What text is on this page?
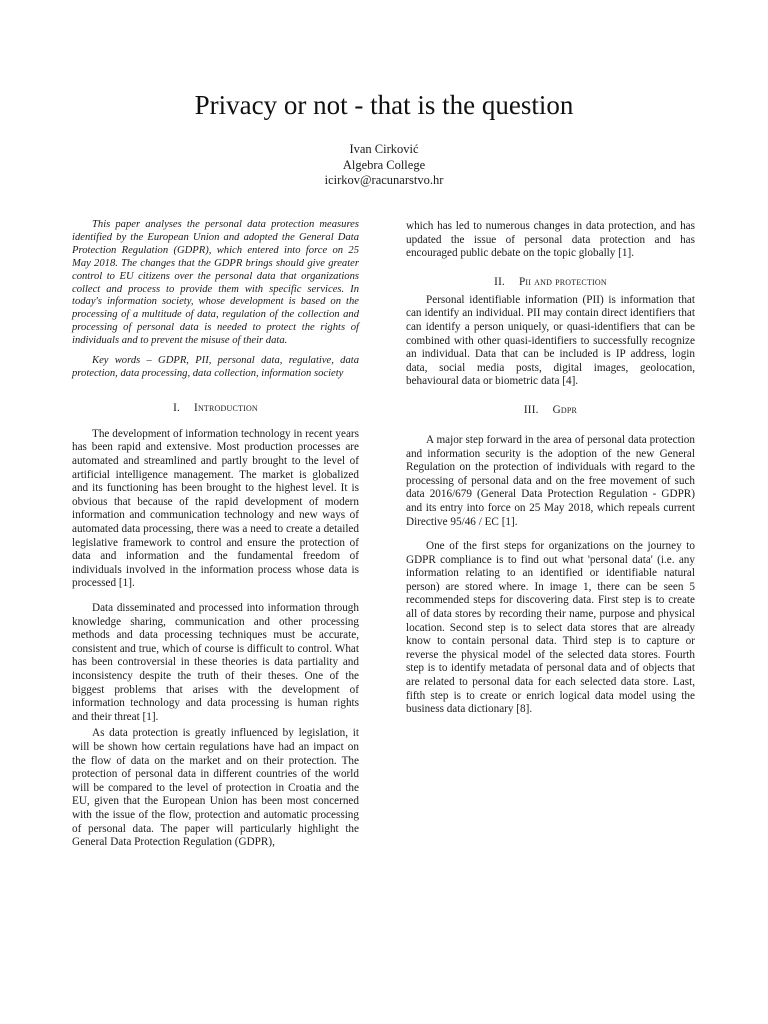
Privacy or not - that is the question
Ivan Cirković
Algebra College
icirkov@racunarstvo.hr

This paper analyses the personal data protection measures identified by the European Union and adopted the General Data Protection Regulation (GDPR), which entered into force on 25 May 2018. The changes that the GDPR brings should give greater control to EU citizens over the personal data that organizations collect and process to provide them with specific services. In today's information society, whose development is based on the processing of a multitude of data, regulation of the collection and processing of personal data is needed to protect the rights of individuals and to prevent the misuse of their data.

Key words – GDPR, PII, personal data, regulative, data protection, data processing, data collection, information society

I. Introduction

The development of information technology in recent years has been rapid and extensive. Most production processes are automated and streamlined and partly brought to the level of artificial intelligence management. The market is globalized and its functioning has been brought to the highest level. It is obvious that because of the rapid development of modern information and communication technology and new ways of automated data processing, there was a need to create a detailed legislative framework to control and ensure the protection of data and information and the fundamental freedom of individuals involved in the information process whose data is processed [1].

Data disseminated and processed into information through knowledge sharing, communication and other processing methods and data processing techniques must be accurate, consistent and true, which of course is difficult to control. What has been controversial in these theories is data partiality and inconsistency despite the truth of their theses. One of the biggest problems that arises with the development of information technology and data processing is human rights and their threat [1].

As data protection is greatly influenced by legislation, it will be shown how certain regulations have had an impact on the flow of data on the market and on their protection. The protection of personal data in different countries of the world will be compared to the level of protection in Croatia and the EU, given that the European Union has been most concerned with the issue of the flow, protection and automatic processing of personal data. The paper will particularly highlight the General Data Protection Regulation (GDPR),

which has led to numerous changes in data protection, and has updated the issue of personal data protection and has encouraged public debate on the topic globally [1].

II. Pii and protection

Personal identifiable information (PII) is information that can identify an individual. PII may contain direct identifiers that can identify a person uniquely, or quasi-identifiers that can be combined with other quasi-identifiers to successfully recognize an individual. Data that can be included is IP address, login data, social media posts, digital images, geolocation, behavioural data or biometric data [4].

III. Gdpr

A major step forward in the area of personal data protection and information security is the adoption of the new General Regulation on the protection of individuals with regard to the processing of personal data and on the free movement of such data 2016/679 (General Data Protection Regulation - GDPR) and its entry into force on 25 May 2018, which repeals current Directive 95/46 / EC [1].

One of the first steps for organizations on the journey to GDPR compliance is to find out what 'personal data' (i.e. any information relating to an identified or identifiable natural person) are stored where. In image 1, there can be seen 5 recommended steps for discovering data. First step is to create all of data stores by recording their name, purpose and physical location. Second step is to select data stores that are already know to contain personal data. Third step is to capture or reverse the physical model of the selected data stores. Fourth step is to identify metadata of personal data and of objects that are related to personal data for each selected data store. Last, fifth step is to create or enrich logical data model using the business data dictionary [8].
